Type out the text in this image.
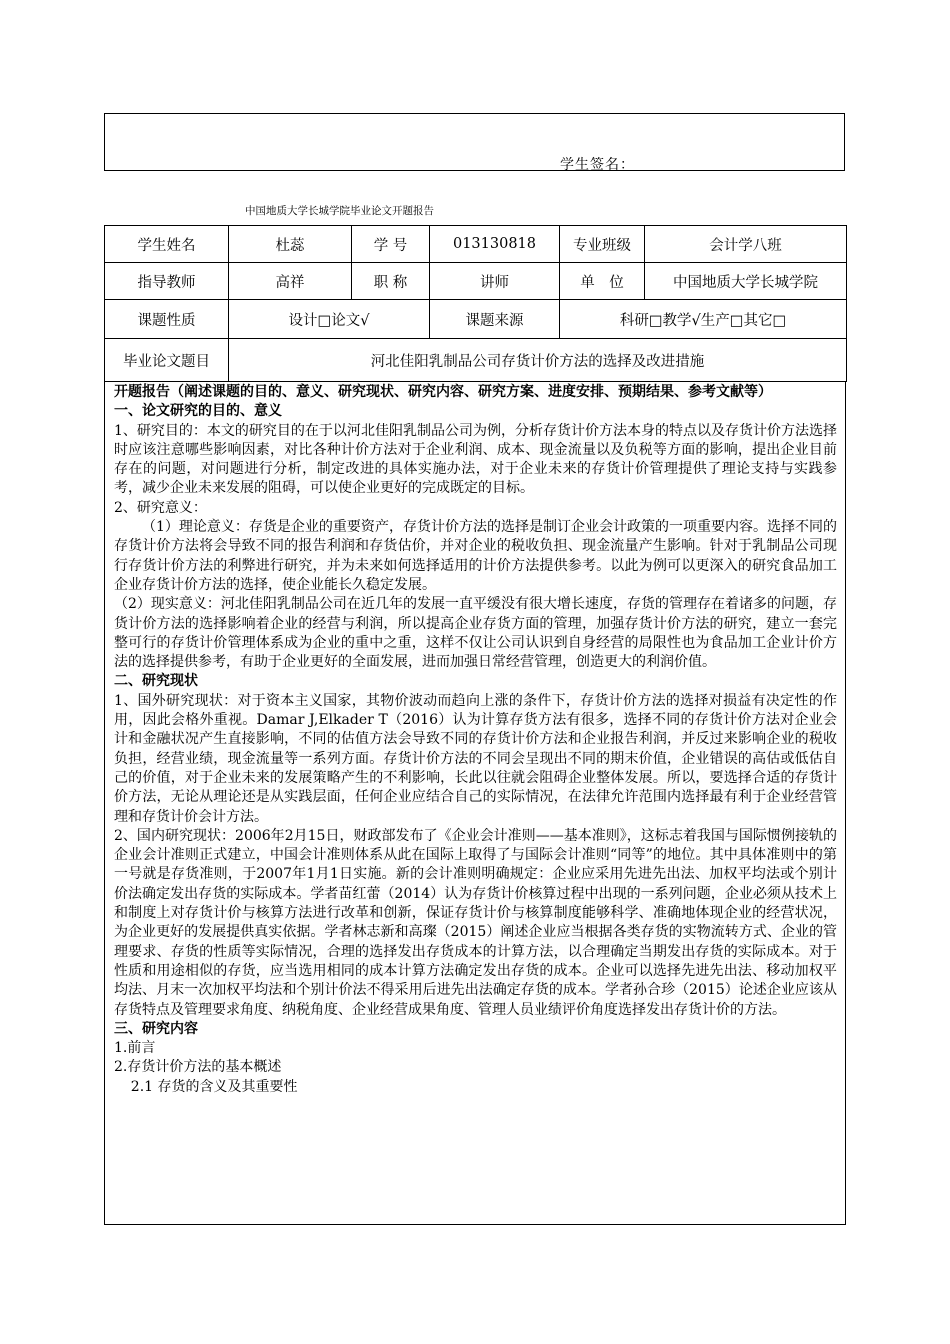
学生签名：
中国地质大学长城学院毕业论文开题报告
学生姓名	杜蕊	学 号	013130818	专业班级	会计学八班
指导教师	高祥	职 称	讲师	单　位	中国地质大学长城学院
课题性质	设计□论文√		课题来源	科研□教学√生产□其它□	
毕业论文题目	河北佳阳乳制品公司存货计价方法的选择及改进措施				

开题报告（阐述课题的目的、意义、研究现状、研究内容、研究方案、进度安排、预期结果、参考文献等）

一、论文研究的目的、意义

1、研究目的：本文的研究目的在于以河北佳阳乳制品公司为例，分析存货计价方法本身的特点以及存货计价方法选择时应该注意哪些影响因素，对比各种计价方法对于企业利润、成本、现金流量以及负税等方面的影响，提出企业目前存在的问题，对问题进行分析，制定改进的具体实施办法，对于企业未来的存货计价管理提供了理论支持与实践参考，减少企业未来发展的阻碍，可以使企业更好的完成既定的目标。

2、研究意义：

（1）理论意义：存货是企业的重要资产，存货计价方法的选择是制订企业会计政策的一项重要内容。选择不同的存货计价方法将会导致不同的报告利润和存货估价，并对企业的税收负担、现金流量产生影响。针对于乳制品公司现行存货计价方法的利弊进行研究，并为未来如何选择适用的计价方法提供参考。以此为例可以更深入的研究食品加工企业存货计价方法的选择，使企业能长久稳定发展。

（2）现实意义：河北佳阳乳制品公司在近几年的发展一直平缓没有很大增长速度，存货的管理存在着诸多的问题，存货计价方法的选择影响着企业的经营与利润，所以提高企业存货方面的管理，加强存货计价方法的研究，建立一套完整可行的存货计价管理体系成为企业的重中之重，这样不仅让公司认识到自身经营的局限性也为食品加工企业计价方法的选择提供参考，有助于企业更好的全面发展，进而加强日常经营管理，创造更大的利润价值。

二、研究现状

1、国外研究现状：对于资本主义国家，其物价波动而趋向上涨的条件下，存货计价方法的选择对损益有决定性的作用，因此会格外重视。Damar J,Elkader T（2016）认为计算存货方法有很多，选择不同的存货计价方法对企业会计和金融状况产生直接影响，不同的估值方法会导致不同的存货计价方法和企业报告利润，并反过来影响企业的税收负担，经营业绩，现金流量等一系列方面。存货计价方法的不同会呈现出不同的期末价值，企业错误的高估或低估自己的价值，对于企业未来的发展策略产生的不利影响，长此以往就会阻碍企业整体发展。所以，要选择合适的存货计价方法，无论从理论还是从实践层面，任何企业应结合自己的实际情况，在法律允许范围内选择最有利于企业经营管理和存货计价会计方法。

2、国内研究现状：2006年2月15日，财政部发布了《企业会计准则——基本准则》，这标志着我国与国际惯例接轨的企业会计准则正式建立，中国会计准则体系从此在国际上取得了与国际会计准则“同等”的地位。其中具体准则中的第一号就是存货准则，于2007年1月1日实施。新的会计准则明确规定：企业应采用先进先出法、加权平均法或个别计价法确定发出存货的实际成本。学者苗红蕾（2014）认为存货计价核算过程中出现的一系列问题，企业必须从技术上和制度上对存货计价与核算方法进行改革和创新，保证存货计价与核算制度能够科学、准确地体现企业的经营状况，为企业更好的发展提供真实依据。学者林志新和高璨（2015）阐述企业应当根据各类存货的实物流转方式、企业的管理要求、存货的性质等实际情况，合理的选择发出存货成本的计算方法，以合理确定当期发出存货的实际成本。对于性质和用途相似的存货，应当选用相同的成本计算方法确定发出存货的成本。企业可以选择先进先出法、移动加权平均法、月末一次加权平均法和个别计价法不得采用后进先出法确定存货的成本。学者孙合珍（2015）论述企业应该从存货特点及管理要求角度、纳税角度、企业经营成果角度、管理人员业绩评价角度选择发出存货计价的方法。

三、研究内容

1.前言

2.存货计价方法的基本概述

2.1 存货的含义及其重要性
